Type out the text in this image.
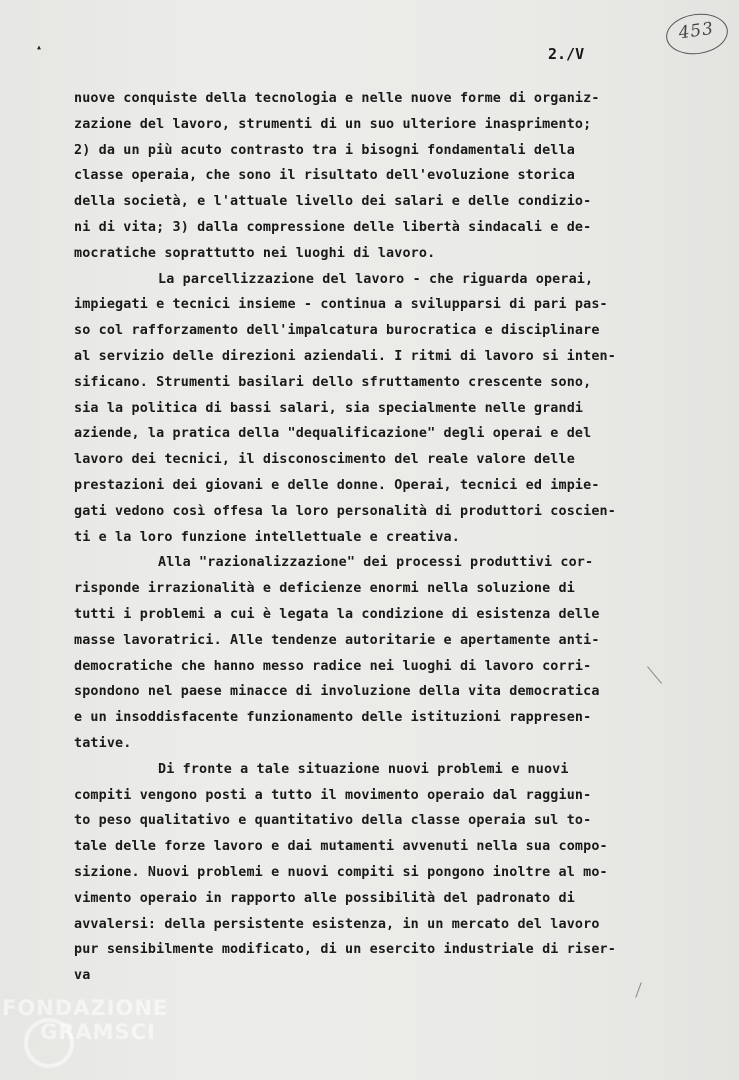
453
▴	2./V
nuove conquiste della tecnologia e nelle nuove forme di organiz-
zazione del lavoro, strumenti di un suo ulteriore inasprimento;
2) da un più acuto contrasto tra i bisogni fondamentali della
classe operaia, che sono il risultato dell'evoluzione storica
della società, e l'attuale livello dei salari e delle condizio-
ni di vita; 3) dalla compressione delle libertà sindacali e de-
mocratiche soprattutto nei luoghi di lavoro.
La parcellizzazione del lavoro - che riguarda operai,
impiegati e tecnici insieme - continua a svilupparsi di pari pas-
so col rafforzamento dell'impalcatura burocratica e disciplinare
al servizio delle direzioni aziendali. I ritmi di lavoro si inten-
sificano. Strumenti basilari dello sfruttamento crescente sono,
sia la politica di bassi salari, sia specialmente nelle grandi
aziende, la pratica della "dequalificazione" degli operai e del
lavoro dei tecnici, il disconoscimento del reale valore delle
prestazioni dei giovani e delle donne. Operai, tecnici ed impie-
gati vedono così offesa la loro personalità di produttori coscien-
ti e la loro funzione intellettuale e creativa.
Alla "razionalizzazione" dei processi produttivi cor-
risponde irrazionalità e deficienze enormi nella soluzione di
tutti i problemi a cui è legata la condizione di esistenza delle
masse lavoratrici. Alle tendenze autoritarie e apertamente anti-
democratiche che hanno messo radice nei luoghi di lavoro corri-
spondono nel paese minacce di involuzione della vita democratica
e un insoddisfacente funzionamento delle istituzioni rappresen-
tative.
Di fronte a tale situazione nuovi problemi e nuovi
compiti vengono posti a tutto il movimento operaio dal raggiun-
to peso qualitativo e quantitativo della classe operaia sul to-
tale delle forze lavoro e dai mutamenti avvenuti nella sua compo-
sizione. Nuovi problemi e nuovi compiti si pongono inoltre al mo-
vimento operaio in rapporto alle possibilità del padronato di
avvalersi: della persistente esistenza, in un mercato del lavoro
pur sensibilmente modificato, di un esercito industriale di riser-
va
FONDAZIONE
GRAMSCI
